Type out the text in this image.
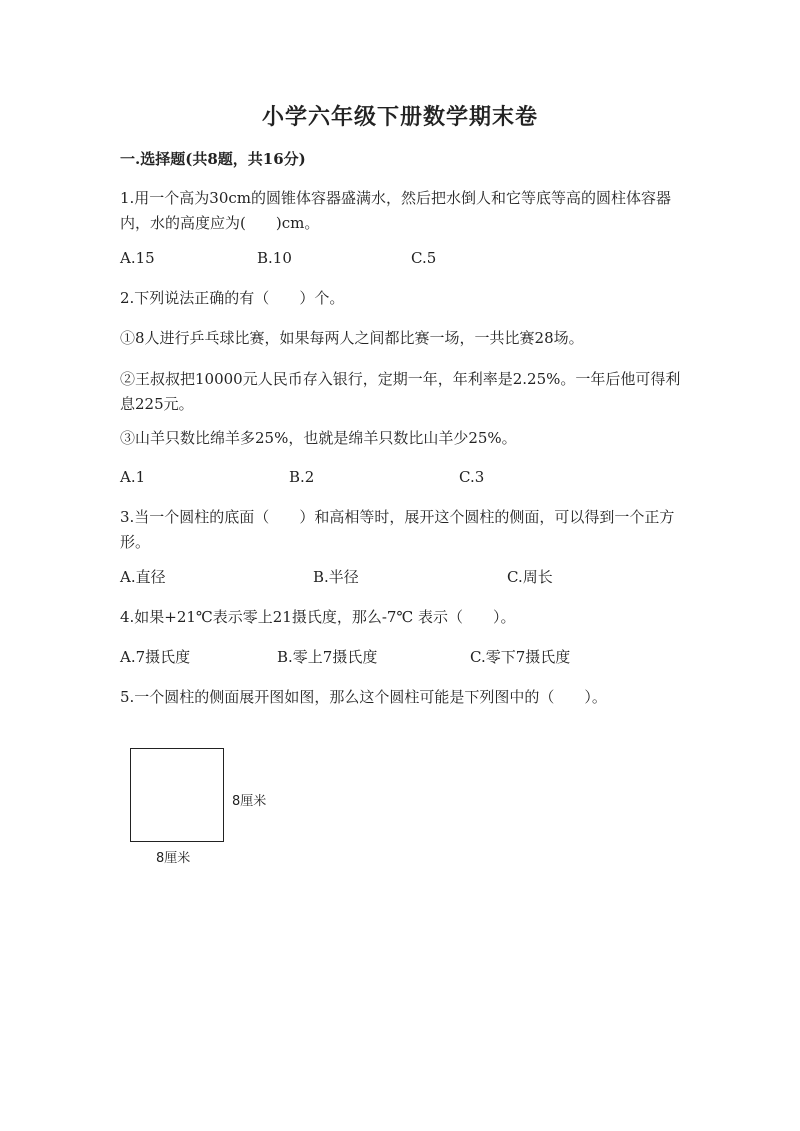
小学六年级下册数学期末卷
一.选择题(共8题，共16分)
1.用一个高为30cm的圆锥体容器盛满水，然后把水倒人和它等底等高的圆柱体容器内，水的高度应为(　　)cm。
A.15	B.10	C.5
2.下列说法正确的有（　　）个。
①8人进行乒乓球比赛，如果每两人之间都比赛一场，一共比赛28场。
②王叔叔把10000元人民币存入银行，定期一年，年利率是2.25%。一年后他可得利息225元。
③山羊只数比绵羊多25%，也就是绵羊只数比山羊少25%。
A.1	B.2	C.3
3.当一个圆柱的底面（　　）和高相等时，展开这个圆柱的侧面，可以得到一个正方形。
A.直径	B.半径	C.周长
4.如果+21℃表示零上21摄氏度，那么-7℃ 表示（　　）。
A.7摄氏度	B.零上7摄氏度	C.零下7摄氏度
5.一个圆柱的侧面展开图如图，那么这个圆柱可能是下列图中的（　　）。
8厘米
8厘米
